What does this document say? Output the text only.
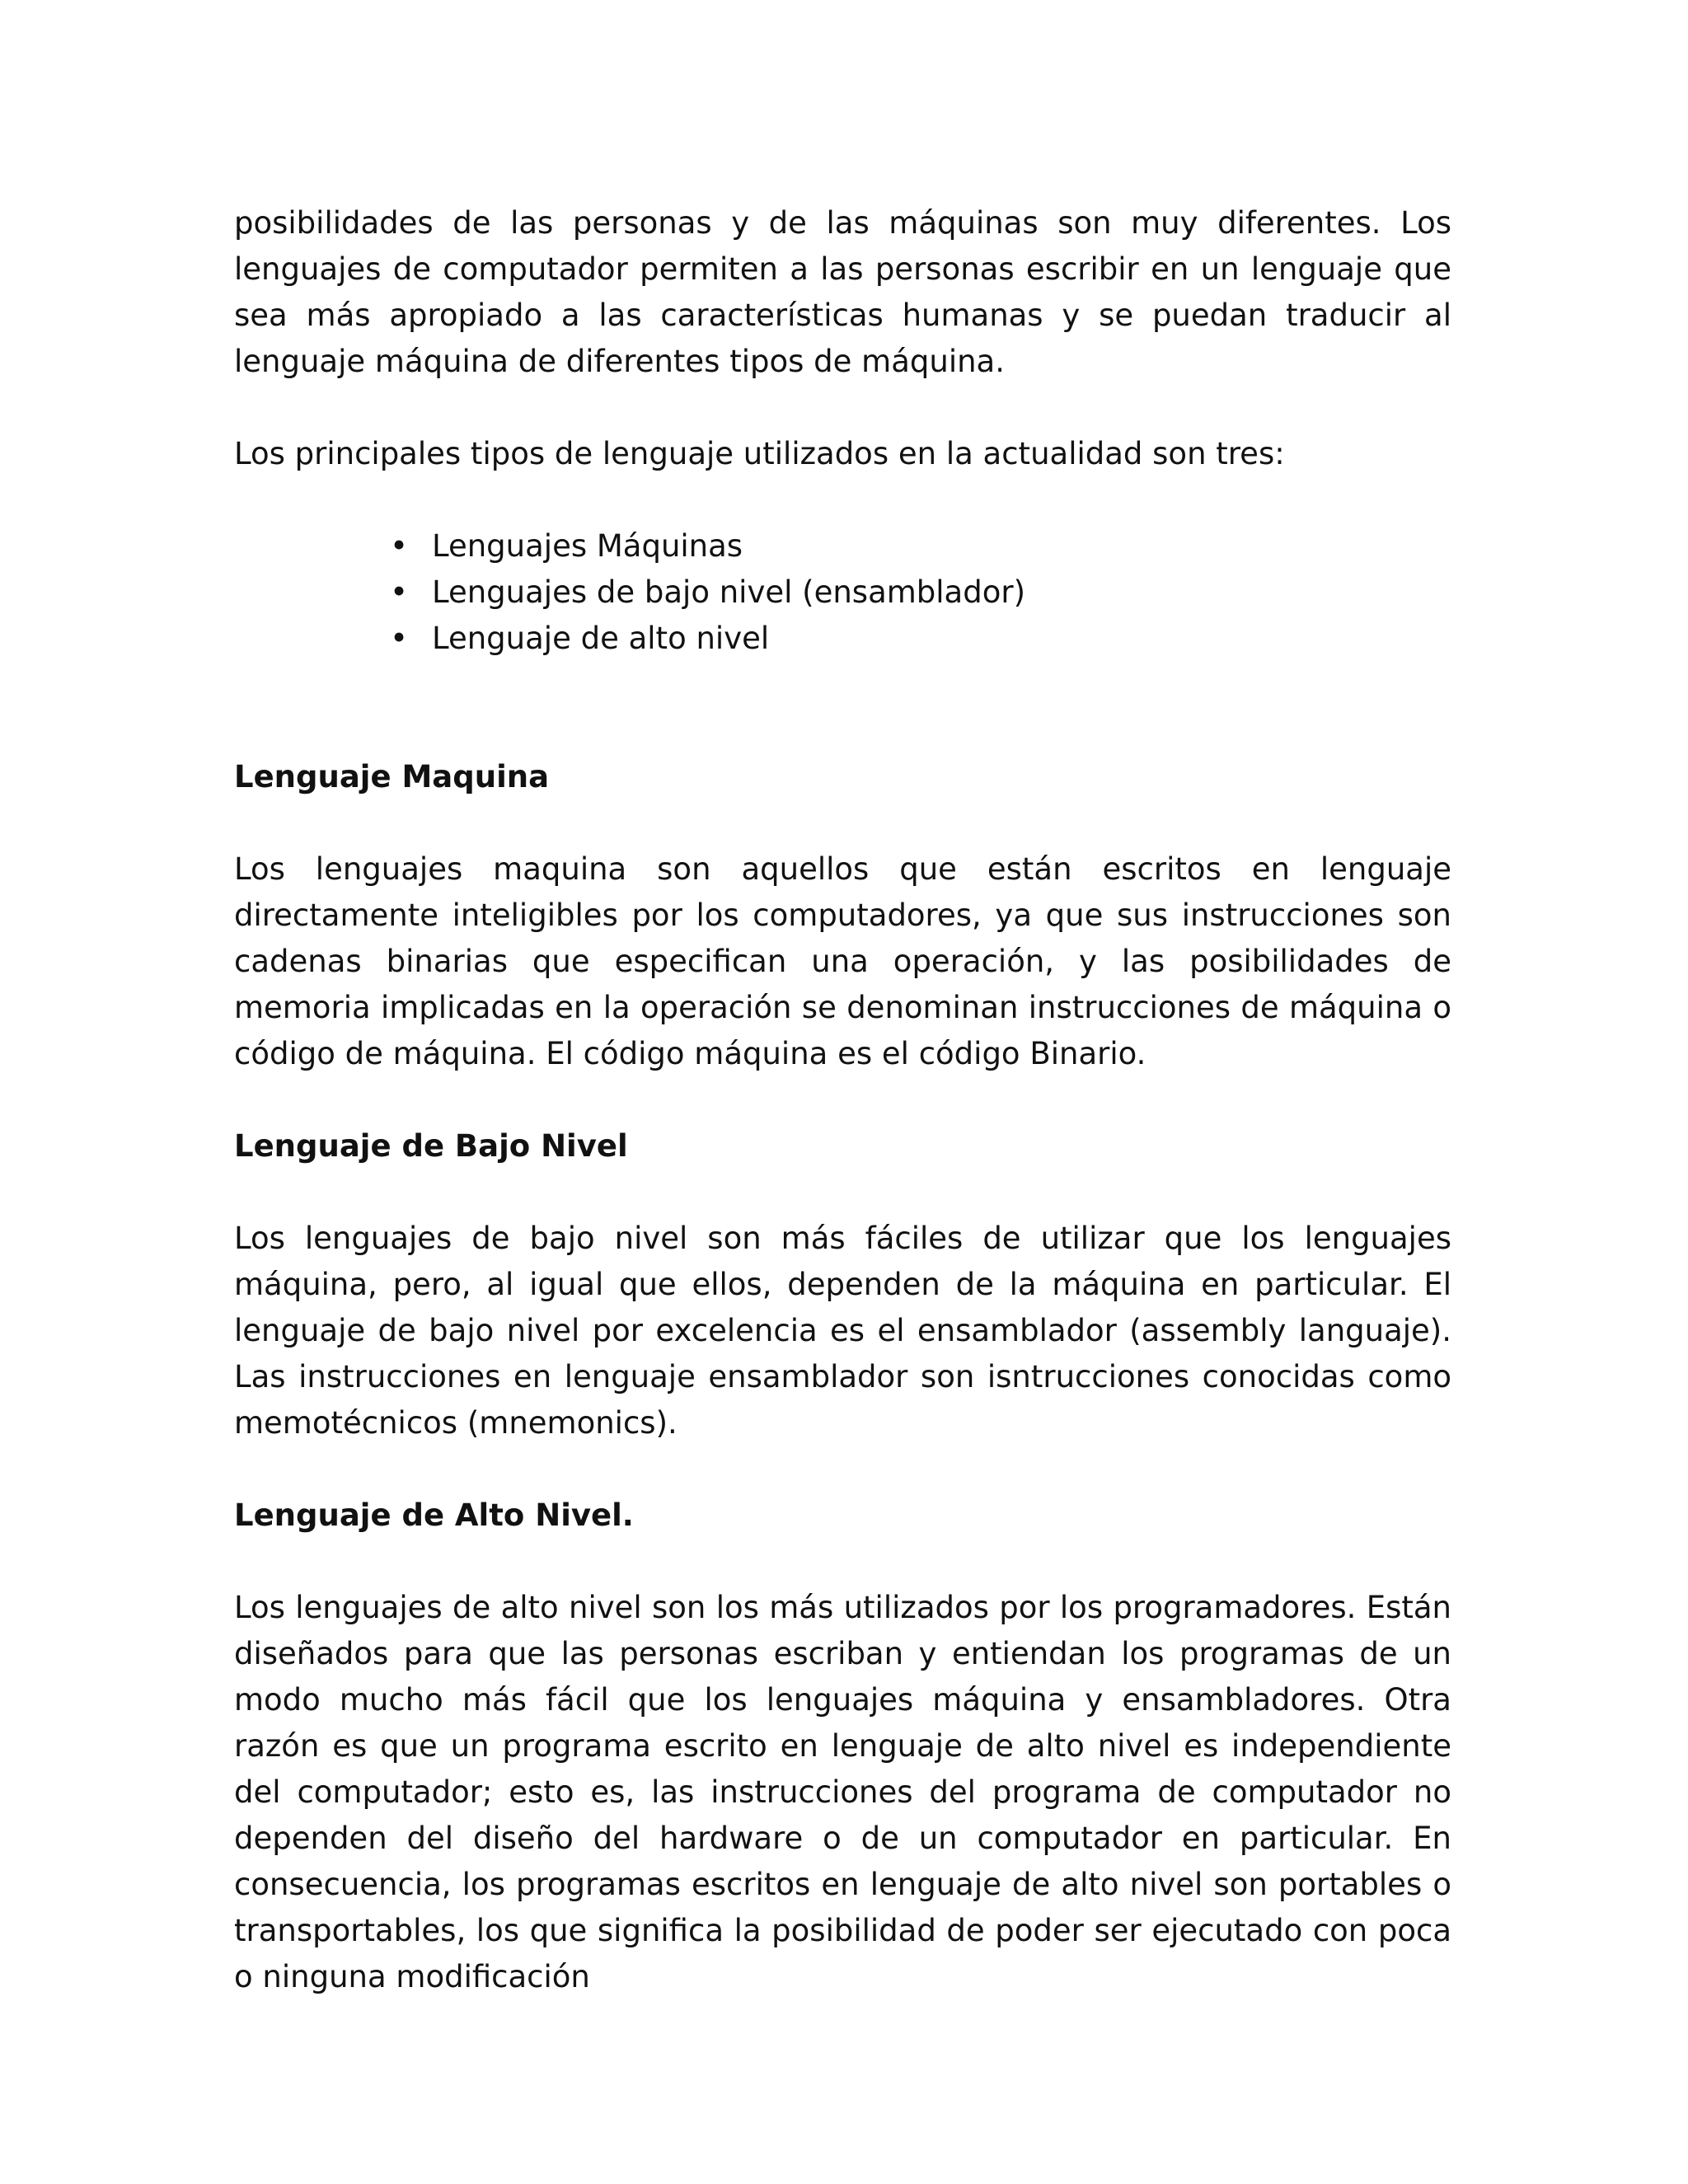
posibilidades de las personas y de las máquinas son muy diferentes. Los lenguajes de computador permiten a las personas escribir en un lenguaje que sea más apropiado a las características humanas y se puedan traducir al lenguaje máquina de diferentes tipos de máquina.

Los principales tipos de lenguaje utilizados en la actualidad son tres:

• Lenguajes Máquinas
• Lenguajes de bajo nivel (ensamblador)
• Lenguaje de alto nivel
Lenguaje Maquina

Los lenguajes maquina son aquellos que están escritos en lenguaje directamente inteligibles por los computadores, ya que sus instrucciones son cadenas binarias que especifican una operación, y las posibilidades de memoria implicadas en la operación se denominan instrucciones de máquina o código de máquina. El código máquina es el código Binario.

Lenguaje de Bajo Nivel

Los lenguajes de bajo nivel son más fáciles de utilizar que los lenguajes máquina, pero, al igual que ellos, dependen de la máquina en particular. El lenguaje de bajo nivel por excelencia es el ensamblador (assembly languaje). Las instrucciones en lenguaje ensamblador son isntrucciones conocidas como memotécnicos (mnemonics).

Lenguaje de Alto Nivel.

Los lenguajes de alto nivel son los más utilizados por los programadores. Están diseñados para que las personas escriban y entiendan los programas de un modo mucho más fácil que los lenguajes máquina y ensambladores. Otra razón es que un programa escrito en lenguaje de alto nivel es independiente del computador; esto es, las instrucciones del programa de computador no dependen del diseño del hardware o de un computador en particular. En consecuencia, los programas escritos en lenguaje de alto nivel son portables o transportables, los que significa la posibilidad de poder ser ejecutado con poca o ninguna modificación
